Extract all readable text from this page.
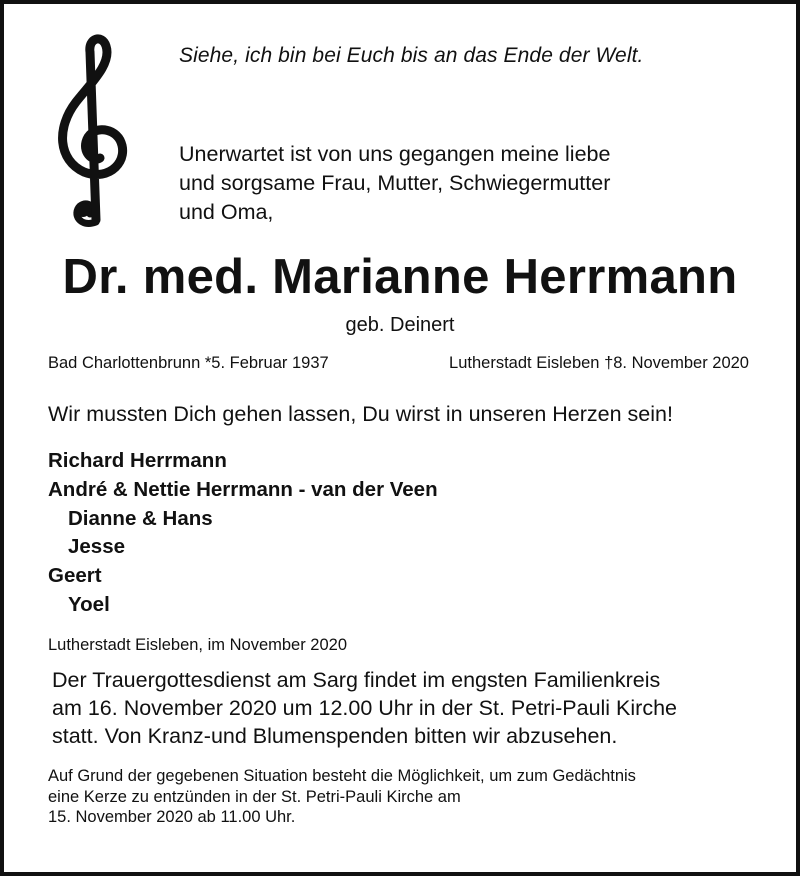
Siehe, ich bin bei Euch bis an das Ende der Welt.

Unerwartet ist von uns gegangen meine liebe
und sorgsame Frau, Mutter, Schwiegermutter
und Oma,
Dr. med. Marianne Herrmann

geb. Deinert

Bad Charlottenbrunn *5. Februar 1937	Lutherstadt Eisleben †8. November 2020

Wir mussten Dich gehen lassen, Du wirst in unseren Herzen sein!

Richard Herrmann
André & Nettie Herrmann - van der Veen
Dianne & Hans
Jesse
Geert
Yoel

Lutherstadt Eisleben, im November 2020

Der Trauergottesdienst am Sarg findet im engsten Familienkreis
am 16. November 2020 um 12.00 Uhr in der St. Petri-Pauli Kirche
statt. Von Kranz-und Blumenspenden bitten wir abzusehen.
Auf Grund der gegebenen Situation besteht die Möglichkeit, um zum Gedächtnis
eine Kerze zu entzünden in der St. Petri-Pauli Kirche am
15. November 2020 ab 11.00 Uhr.
